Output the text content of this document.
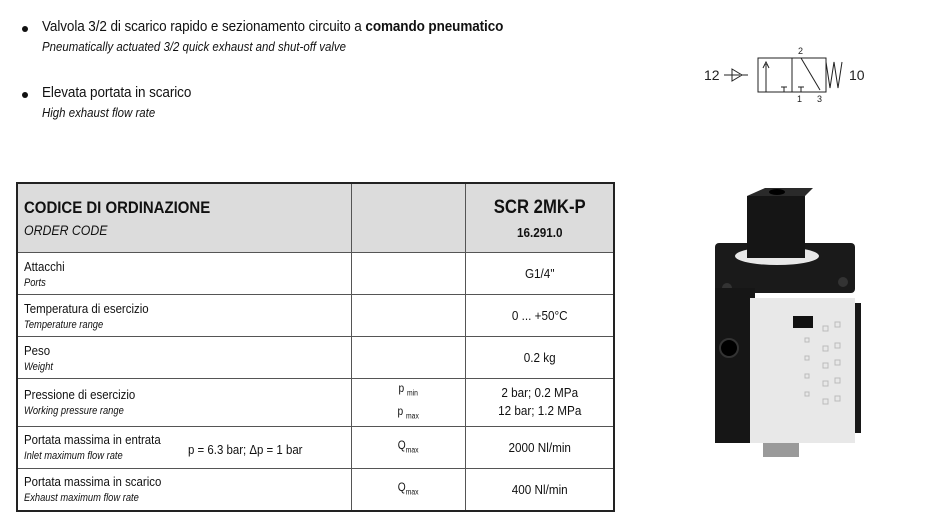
Valvola 3/2 di scarico rapido e sezionamento circuito a comando pneumatico
Pneumatically actuated 3/2 quick exhaust and shut-off valve
Elevata portata in scarico
High exhaust flow rate
12	10
2
1 3
CODICE DI ORDINAZIONE
ORDER CODE		SCR 2MK-P
16.291.0

Attacchi
Ports		G1/4"

Temperatura di esercizio
Temperature range		0 ... +50°C

Peso
Weight		0.2 kg

Pressione di esercizio
Working pressure range

p $_{min}$
p $_{max}$

2 bar; 0.2 MPa
12 bar; 1.2 MPa

Portata massima in entrata
Inlet maximum flow rate p = 6.3 bar; Δp = 1 bar	$Q_{max}$	2000 Nl/min

Portata massima in scarico
Exhaust maximum flow rate	$Q_{max}$	400 Nl/min
